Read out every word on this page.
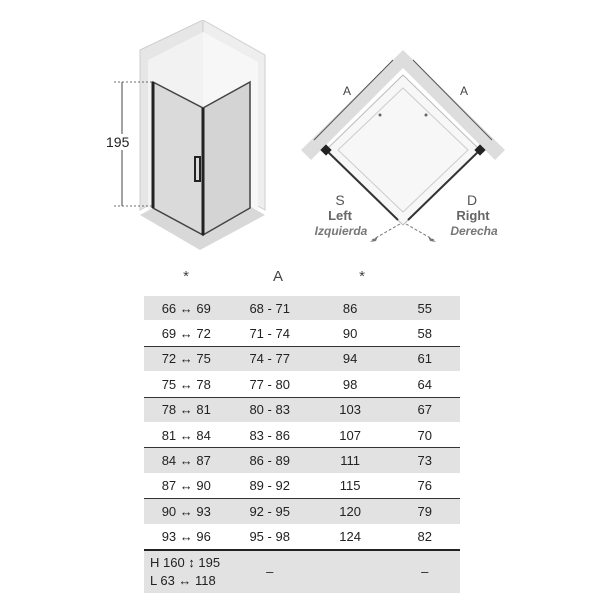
195
A	A
S
Left
Izquierda
D
Right
Derecha
*	A	*
66 ↔ 69	68 - 71	86	55
69 ↔ 72	71 - 74	90	58
72 ↔ 75	74 - 77	94	61
75 ↔ 78	77 - 80	98	64
78 ↔ 81	80 - 83	103	67
81 ↔ 84	83 - 86	107	70
84 ↔ 87	86 - 89	111	73
87 ↔ 90	89 - 92	115	76
90 ↔ 93	92 - 95	120	79
93 ↔ 96	95 - 98	124	82

H 160 ↕ 195
L 63 ↔ 118	–		–
